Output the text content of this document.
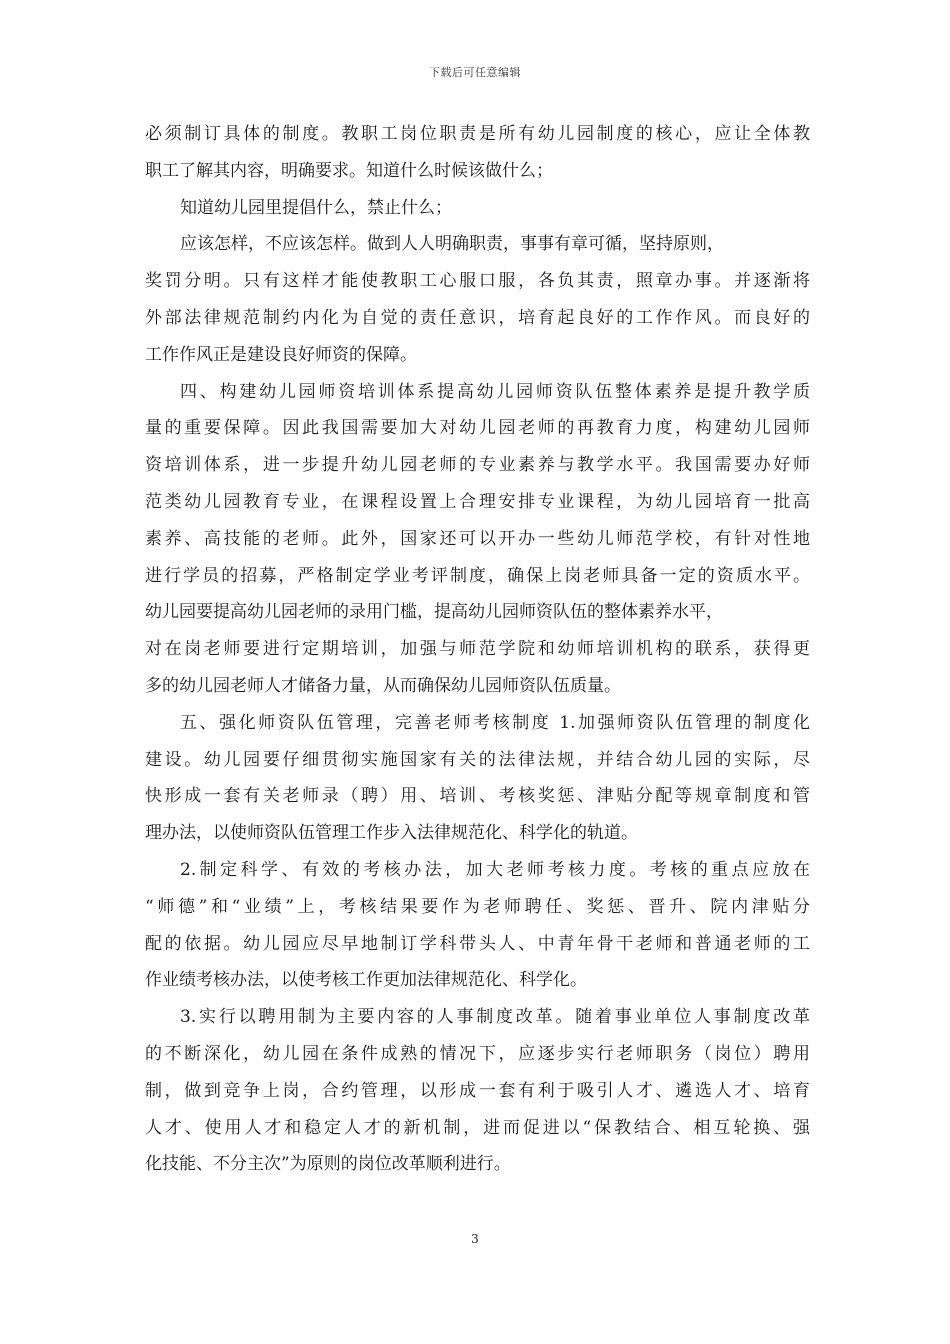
下载后可任意编辑
必须制订具体的制度。教职工岗位职责是所有幼儿园制度的核心，应让全体教
职工了解其内容，明确要求。知道什么时候该做什么；
知道幼儿园里提倡什么，禁止什么；
应该怎样，不应该怎样。做到人人明确职责，事事有章可循，坚持原则，
奖罚分明。只有这样才能使教职工心服口服，各负其责，照章办事。并逐渐将
外部法律规范制约内化为自觉的责任意识，培育起良好的工作作风。而良好的
工作作风正是建设良好师资的保障。
四、构建幼儿园师资培训体系提高幼儿园师资队伍整体素养是提升教学质
量的重要保障。因此我国需要加大对幼儿园老师的再教育力度，构建幼儿园师
资培训体系，进一步提升幼儿园老师的专业素养与教学水平。我国需要办好师
范类幼儿园教育专业，在课程设置上合理安排专业课程，为幼儿园培育一批高
素养、高技能的老师。此外，国家还可以开办一些幼儿师范学校，有针对性地
进行学员的招募，严格制定学业考评制度，确保上岗老师具备一定的资质水平。
幼儿园要提高幼儿园老师的录用门槛，提高幼儿园师资队伍的整体素养水平，
对在岗老师要进行定期培训，加强与师范学院和幼师培训机构的联系，获得更
多的幼儿园老师人才储备力量，从而确保幼儿园师资队伍质量。
五、强化师资队伍管理，完善老师考核制度 1.加强师资队伍管理的制度化
建设。幼儿园要仔细贯彻实施国家有关的法律法规，并结合幼儿园的实际，尽
快形成一套有关老师录（聘）用、培训、考核奖惩、津贴分配等规章制度和管
理办法，以使师资队伍管理工作步入法律规范化、科学化的轨道。
2.制定科学、有效的考核办法，加大老师考核力度。考核的重点应放在
“师德”和“业绩”上，考核结果要作为老师聘任、奖惩、晋升、院内津贴分
配的依据。幼儿园应尽早地制订学科带头人、中青年骨干老师和普通老师的工
作业绩考核办法，以使考核工作更加法律规范化、科学化。
3.实行以聘用制为主要内容的人事制度改革。随着事业单位人事制度改革
的不断深化，幼儿园在条件成熟的情况下，应逐步实行老师职务（岗位）聘用
制，做到竞争上岗，合约管理，以形成一套有利于吸引人才、遴选人才、培育
人才、使用人才和稳定人才的新机制，进而促进以“保教结合、相互轮换、强
化技能、不分主次”为原则的岗位改革顺利进行。
3
